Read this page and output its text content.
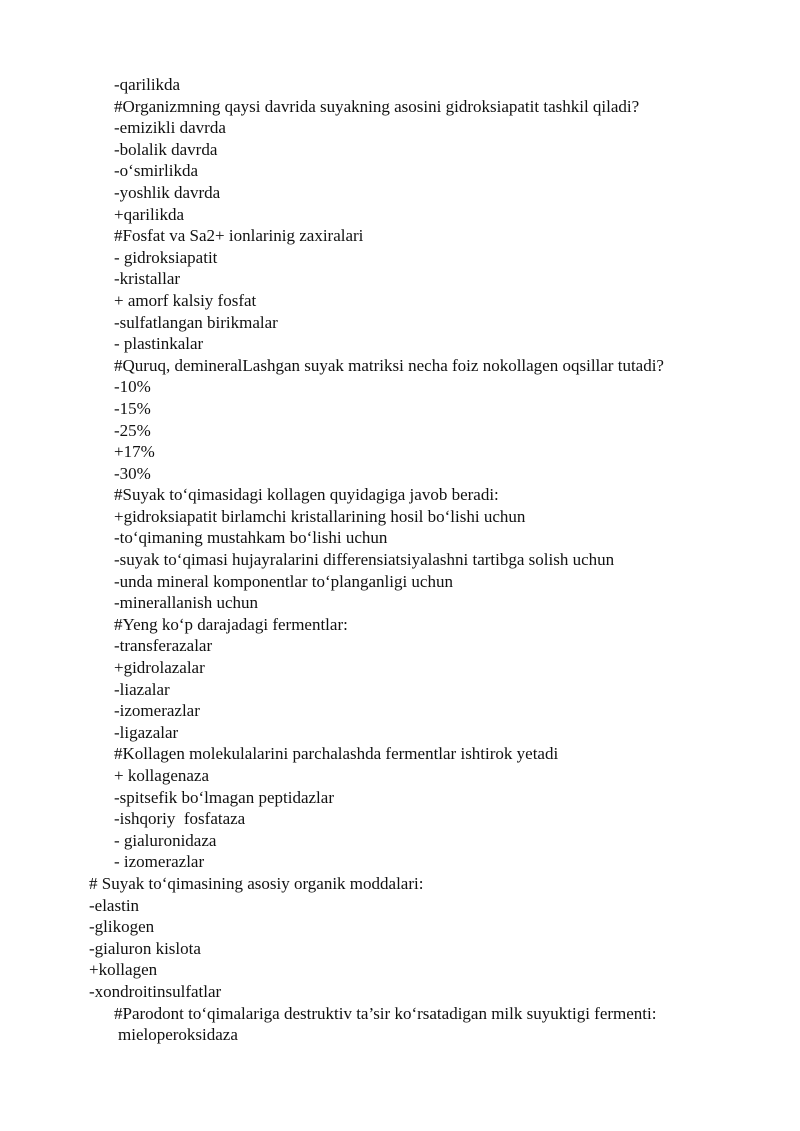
-qarilikda
#Organizmning qaysi davrida suyakning asosini gidroksiapatit tashkil qiladi?
-emizikli davrda
-bolalik davrda
-o‘smirlikda
-yoshlik davrda
+qarilikda
#Fosfat va Sa2+ ionlarinig zaxiralari
- gidroksiapatit
-kristallar
+ amorf kalsiy fosfat
-sulfatlangan birikmalar
- plastinkalar
#Quruq, demineralLashgan suyak matriksi necha foiz nokollagen oqsillar tutadi?
-10%
-15%
-25%
+17%
-30%
#Suyak to‘qimasidagi kollagen quyidagiga javob beradi:
+gidroksiapatit birlamchi kristallarining hosil bo‘lishi uchun
-to‘qimaning mustahkam bo‘lishi uchun
-suyak to‘qimasi hujayralarini differensiatsiyalashni tartibga solish uchun
-unda mineral komponentlar to‘planganligi uchun
-minerallanish uchun
#Yeng ko‘p darajadagi fermentlar:
-transferazalar
+gidrolazalar
-liazalar
-izomerazlar
-ligazalar
#Kollagen molekulalarini parchalashda fermentlar ishtirok yetadi
+ kollagenaza
-spitsefik bo‘lmagan peptidazlar
-ishqoriy  fosfataza
- gialuronidaza
- izomerazlar
# Suyak to‘qimasining asosiy organik moddalari:
-elastin
-glikogen
-gialuron kislota
+kollagen
-xondroitinsulfatlar
#Parodont to‘qimalariga destruktiv ta’sir ko‘rsatadigan milk suyuktigi fermenti:
mieloperoksidaza
